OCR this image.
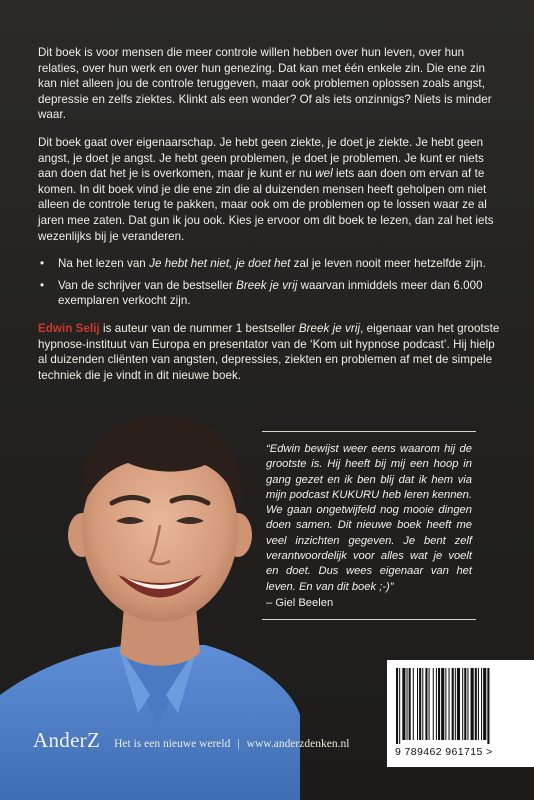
Dit boek is voor mensen die meer controle willen hebben over hun leven, over hun relaties, over hun werk en over hun genezing. Dat kan met één enkele zin. Die ene zin kan niet alleen jou de controle teruggeven, maar ook problemen oplossen zoals angst, depressie en zelfs ziektes. Klinkt als een wonder? Of als iets onzinnigs? Niets is minder waar.

Dit boek gaat over eigenaarschap. Je hebt geen ziekte, je doet je ziekte. Je hebt geen angst, je doet je angst. Je hebt geen problemen, je doet je problemen. Je kunt er niets aan doen dat het je is overkomen, maar je kunt er nu wel iets aan doen om ervan af te komen. In dit boek vind je die ene zin die al duizenden mensen heeft geholpen om niet alleen de controle terug te pakken, maar ook om de problemen op te lossen waar ze al jaren mee zaten. Dat gun ik jou ook. Kies je ervoor om dit boek te lezen, dan zal het iets wezenlijks bij je veranderen.

• Na het lezen van Je hebt het niet, je doet het zal je leven nooit meer hetzelfde zijn.
• Van de schrijver van de bestseller Breek je vrij waarvan inmiddels meer dan 6.000 exemplaren verkocht zijn.

Edwin Selij is auteur van de nummer 1 bestseller Breek je vrij, eigenaar van het grootste hypnose-instituut van Europa en presentator van de ‘Kom uit hypnose podcast’. Hij hielp al duizenden cliënten van angsten, depressies, ziekten en problemen af met de simpele techniek die je vindt in dit nieuwe boek.

“Edwin bewijst weer eens waarom hij de grootste is. Hij heeft bij mij een hoop in gang gezet en ik ben blij dat ik hem via mijn podcast KUKURU heb leren kennen. We gaan ongetwijfeld nog mooie dingen doen samen. Dit nieuwe boek heeft me veel inzichten gegeven. Je bent zelf verantwoordelijk voor alles wat je voelt en doet. Dus wees eigenaar van het leven. En van dit boek ;-)”
– Giel Beelen
9 789462 961715 >
AnderZ Het is een nieuwe wereld | www.anderzdenken.nl
